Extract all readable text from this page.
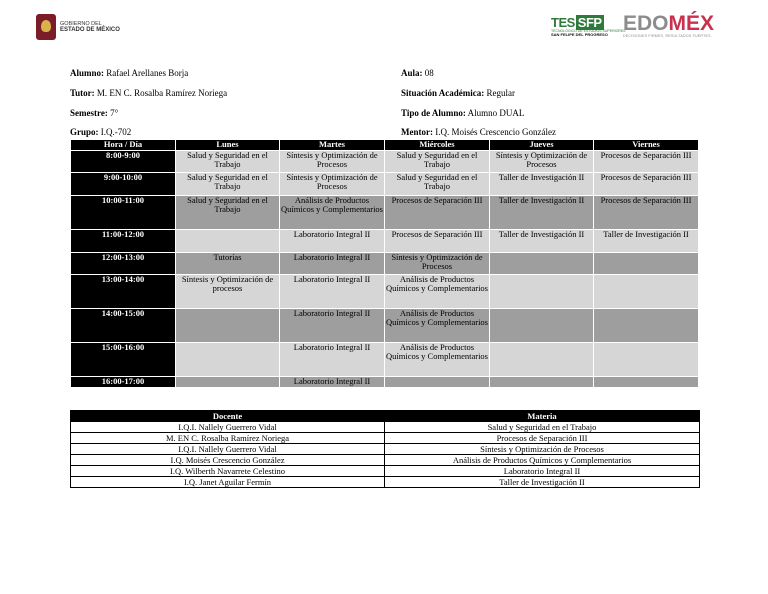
GOBIERNO DEL
ESTADO DE MÉXICO	TES SFP
TECNOLÓGICO DE ESTUDIOS SUPERIORES
SAN FELIPE DEL PROGRESO EDOMÉX
DECISIONES FIRMES, RESULTADOS FUERTES.
Alumno: Rafael Arellanes Borja	Aula: 08
Tutor: M. EN C. Rosalba Ramírez Noriega	Situación Académica: Regular
Semestre: 7°	Tipo de Alumno: Alumno DUAL
Grupo: I.Q.-702	Mentor: I.Q. Moisés Crescencio González
Hora / Día	Lunes	Martes	Miércoles	Jueves	Viernes
8:00-9:00	Salud y Seguridad en el Trabajo	Síntesis y Optimización de Procesos	Salud y Seguridad en el Trabajo	Síntesis y Optimización de Procesos	Procesos de Separación III
9:00-10:00	Salud y Seguridad en el Trabajo	Síntesis y Optimización de Procesos	Salud y Seguridad en el Trabajo	Taller de Investigación II	Procesos de Separación III
10:00-11:00	Salud y Seguridad en el Trabajo	Análisis de Productos Químicos y Complementarios	Procesos de Separación III	Taller de Investigación II	Procesos de Separación III
11:00-12:00		Laboratorio Integral II	Procesos de Separación III	Taller de Investigación II	Taller de Investigación II
12:00-13:00	Tutorías	Laboratorio Integral II	Síntesis y Optimización de Procesos		
13:00-14:00	Síntesis y Optimización de procesos	Laboratorio Integral II	Análisis de Productos Químicos y Complementarios		
14:00-15:00		Laboratorio Integral II	Análisis de Productos Químicos y Complementarios		
15:00-16:00		Laboratorio Integral II	Análisis de Productos Químicos y Complementarios		
16:00-17:00		Laboratorio Integral II			
Docente	Materia
I.Q.I. Nallely Guerrero Vidal	Salud y Seguridad en el Trabajo
M. EN C. Rosalba Ramírez Noriega	Procesos de Separación III
I.Q.I. Nallely Guerrero Vidal	Síntesis y Optimización de Procesos
I.Q. Moisés Crescencio González	Análisis de Productos Químicos y Complementarios
I.Q. Wilberth Navarrete Celestino	Laboratorio Integral II
I.Q. Janet Aguilar Fermín	Taller de Investigación II
